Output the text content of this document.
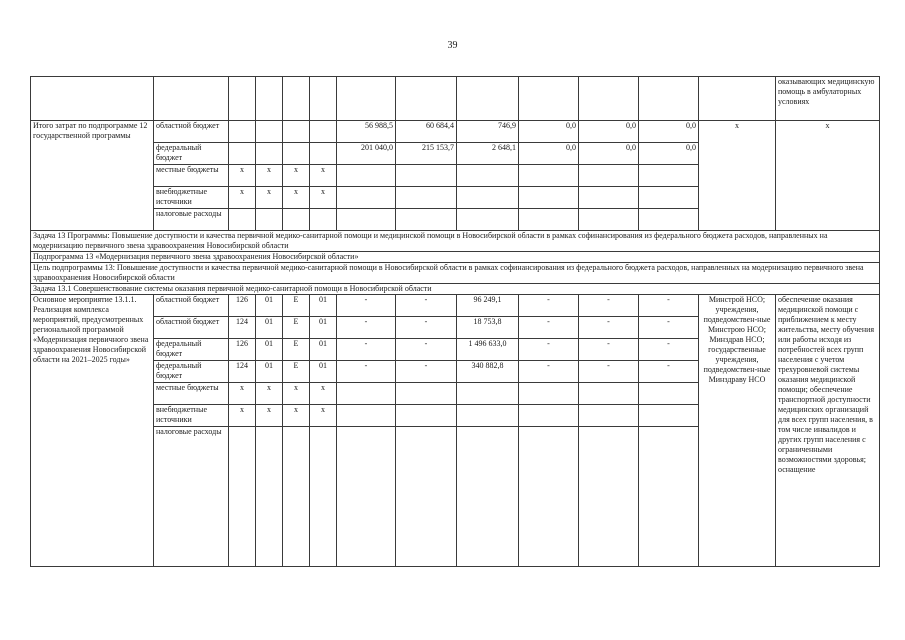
39
													оказывающих медицинскую помощь в амбулаторных условиях
Итого затрат по подпрограмме 12 государственной программы	областной бюджет					56 988,5	60 684,4	746,9	0,0	0,0	0,0	x	x
	федеральный бюджет					201 040,0	215 153,7	2 648,1	0,0	0,0	0,0		
	местные бюджеты	x	x	x	x								
	внебюджетные источники	x	x	x	x								
	налоговые расходы												
Задача 13 Программы: Повышение доступности и качества первичной медико-санитарной помощи и медицинской помощи в Новосибирской области в рамках софинансирования из федерального бюджета расходов, направленных на модернизацию первичного звена здравоохранения Новосибирской области													
Подпрограмма 13 «Модернизация первичного звена здравоохранения Новосибирской области»													
Цель подпрограммы 13: Повышение доступности и качества первичной медико-санитарной помощи в Новосибирской области в рамках софинансирования из федерального бюджета расходов, направленных на модернизацию первичного звена здравоохранения Новосибирской области													
Задача 13.1 Совершенствование системы оказания первичной медико-санитарной помощи в Новосибирской области													
Основное мероприятие 13.1.1. Реализация комплекса мероприятий, предусмотренных региональной программой «Модернизация первичного звена здравоохранения Новосибирской области на 2021–2025 годы»	областной бюджет	126	01	E	01	-	-	96 249,1	-	-	-	Минстрой НСО; учреждения, подведомствен-ные Минстрою НСО; Минздрав НСО; государственные учреждения, подведомствен-ные Минздраву НСО	обеспечение оказания медицинской помощи с приближением к месту жительства, месту обучения или работы исходя из потребностей всех групп населения с учетом трехуровневой системы оказания медицинской помощи; обеспечение транспортной доступности медицинских организаций для всех групп населения, в том числе инвалидов и других групп населения с ограниченными возможностями здоровья; оснащение
	областной бюджет	124	01	E	01	-	-	18 753,8	-	-	-		
	федеральный бюджет	126	01	E	01	-	-	1 496 633,0	-	-	-		
	федеральный бюджет	124	01	E	01	-	-	340 882,8	-	-	-		
	местные бюджеты	x	x	x	x								
	внебюджетные источники	x	x	x	x								
	налоговые расходы												
